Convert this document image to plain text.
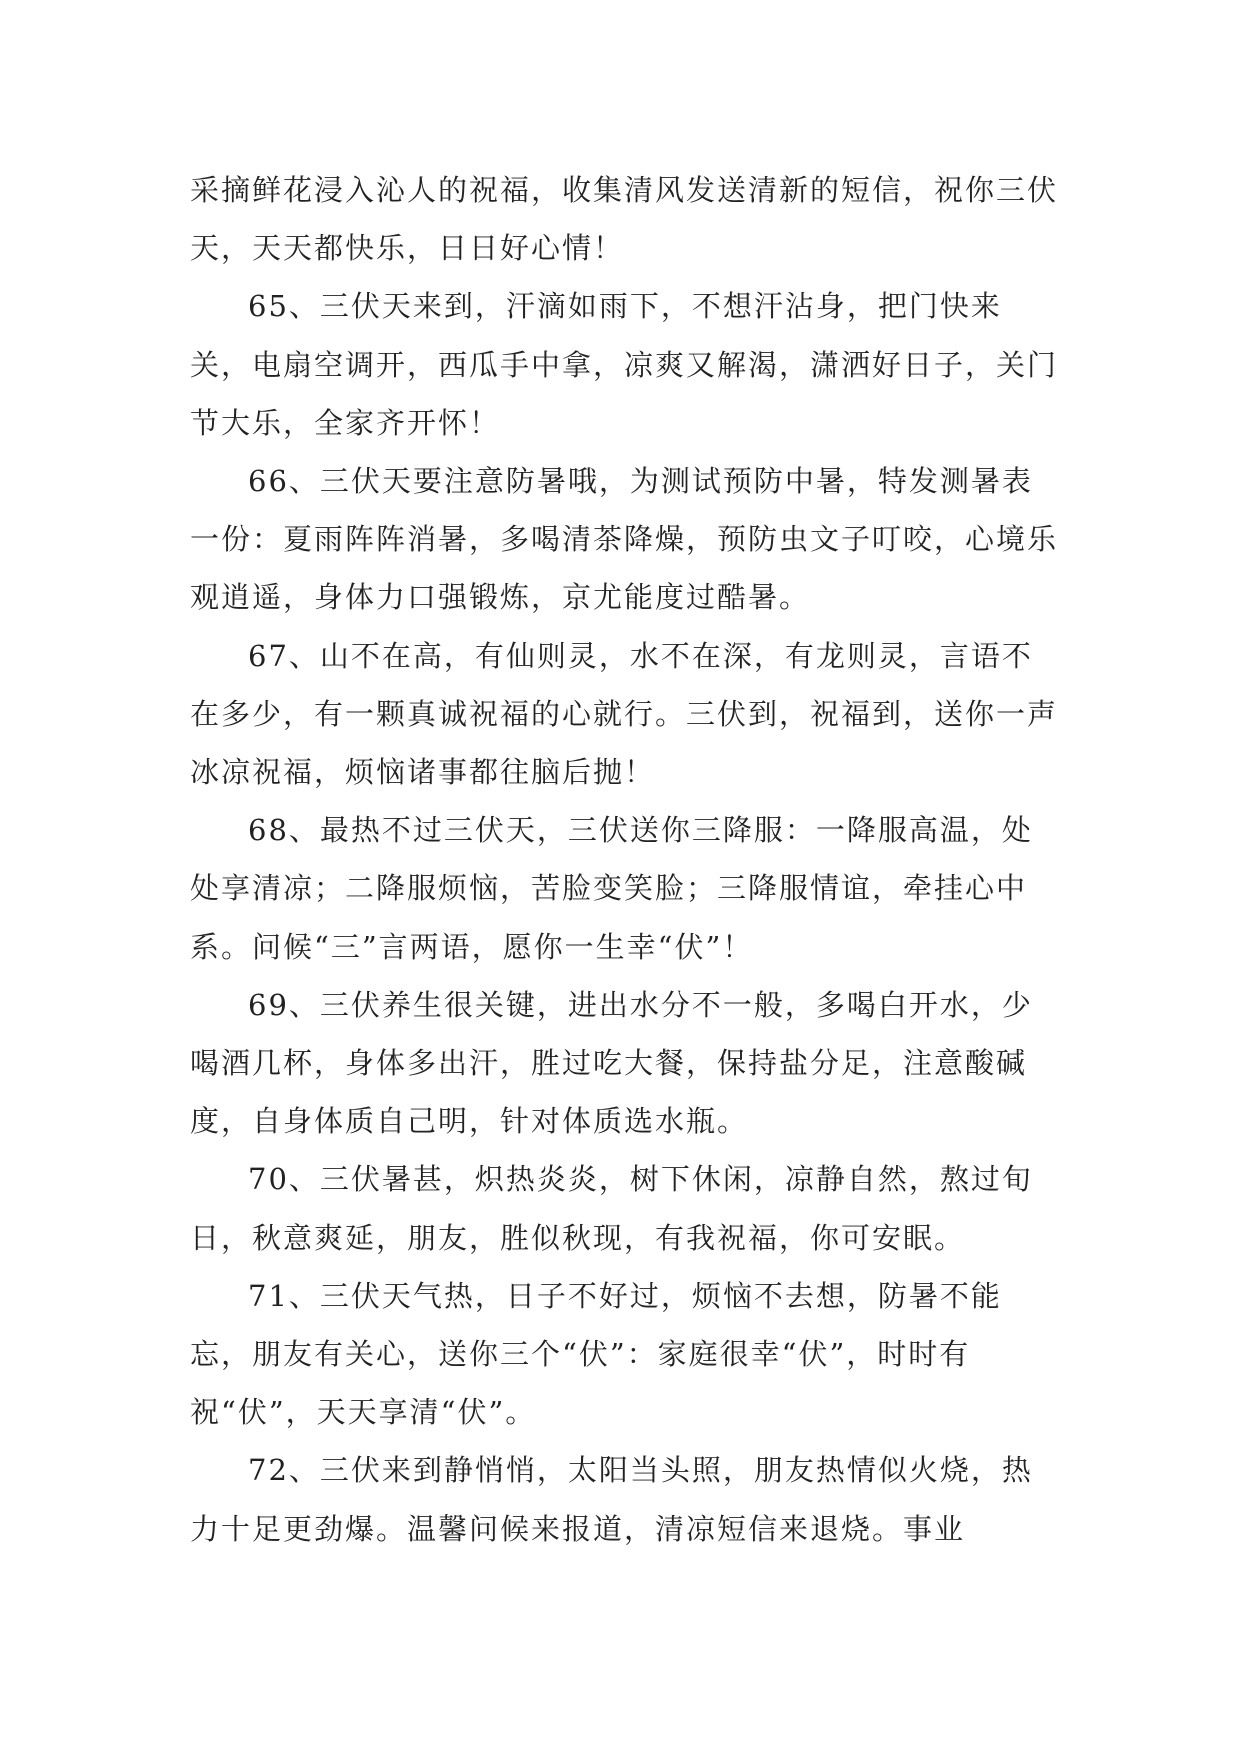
采摘鲜花浸入沁人的祝福，收集清风发送清新的短信，祝你三伏天，天天都快乐，日日好心情！

65、三伏天来到，汗滴如雨下，不想汗沾身，把门快来关，电扇空调开，西瓜手中拿，凉爽又解渴，潇洒好日子，关门节大乐，全家齐开怀！

66、三伏天要注意防暑哦，为测试预防中暑，特发测暑表一份：夏雨阵阵消暑，多喝清茶降燥，预防虫文子叮咬，心境乐观逍遥，身体力口强锻炼，京尤能度过酷暑。

67、山不在高，有仙则灵，水不在深，有龙则灵，言语不在多少，有一颗真诚祝福的心就行。三伏到，祝福到，送你一声冰凉祝福，烦恼诸事都往脑后抛！

68、最热不过三伏天，三伏送你三降服：一降服高温，处处享清凉；二降服烦恼，苦脸变笑脸；三降服情谊，牵挂心中系。问候“三”言两语，愿你一生幸“伏”！

69、三伏养生很关键，进出水分不一般，多喝白开水，少喝酒几杯，身体多出汗，胜过吃大餐，保持盐分足，注意酸碱度，自身体质自己明，针对体质选水瓶。

70、三伏暑甚，炽热炎炎，树下休闲，凉静自然，熬过旬日，秋意爽延，朋友，胜似秋现，有我祝福，你可安眠。

71、三伏天气热，日子不好过，烦恼不去想，防暑不能忘，朋友有关心，送你三个“伏”：家庭很幸“伏”，时时有祝“伏”，天天享清“伏”。

72、三伏来到静悄悄，太阳当头照，朋友热情似火烧，热力十足更劲爆。温馨问候来报道，清凉短信来退烧。事业
